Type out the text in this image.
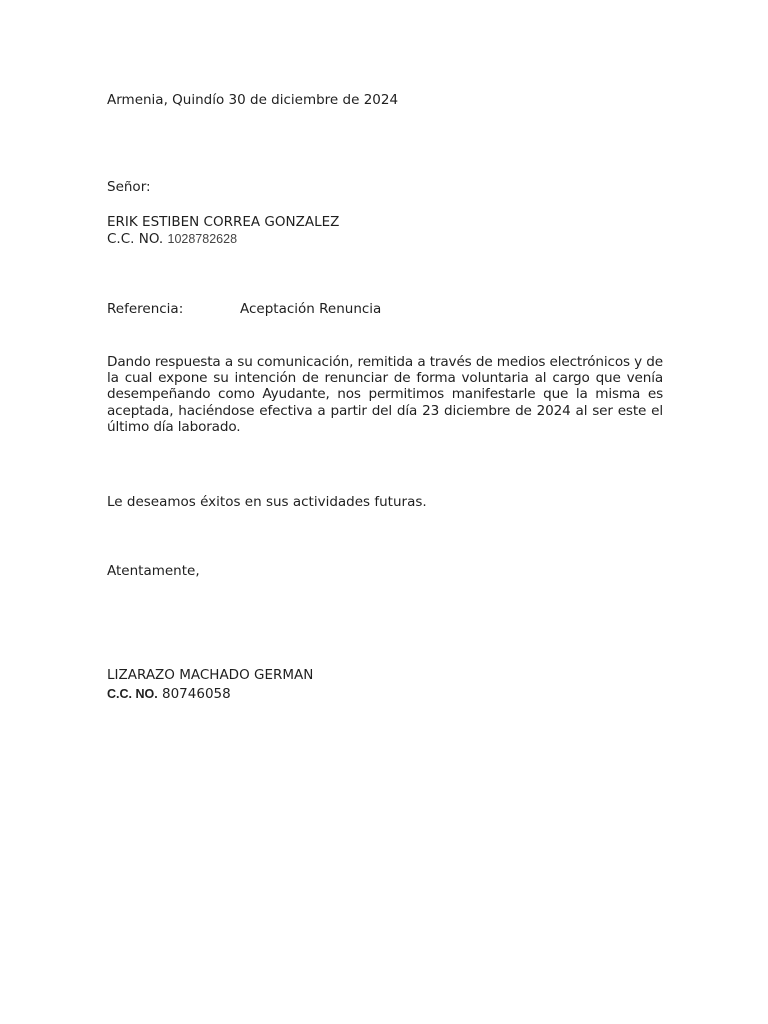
Armenia, Quindío 30 de diciembre de 2024
Señor:
ERIK ESTIBEN CORREA GONZALEZ
C.C. NO. 1028782628
Referencia:	Aceptación Renuncia
Dando respuesta a su comunicación, remitida a través de medios electrónicos y de la cual expone su intención de renunciar de forma voluntaria al cargo que venía desempeñando como Ayudante, nos permitimos manifestarle que la misma es aceptada, haciéndose efectiva a partir del día 23 diciembre de 2024 al ser este el último día laborado.
Le deseamos éxitos en sus actividades futuras.
Atentamente,
LIZARAZO MACHADO GERMAN
C.C. NO. 80746058
